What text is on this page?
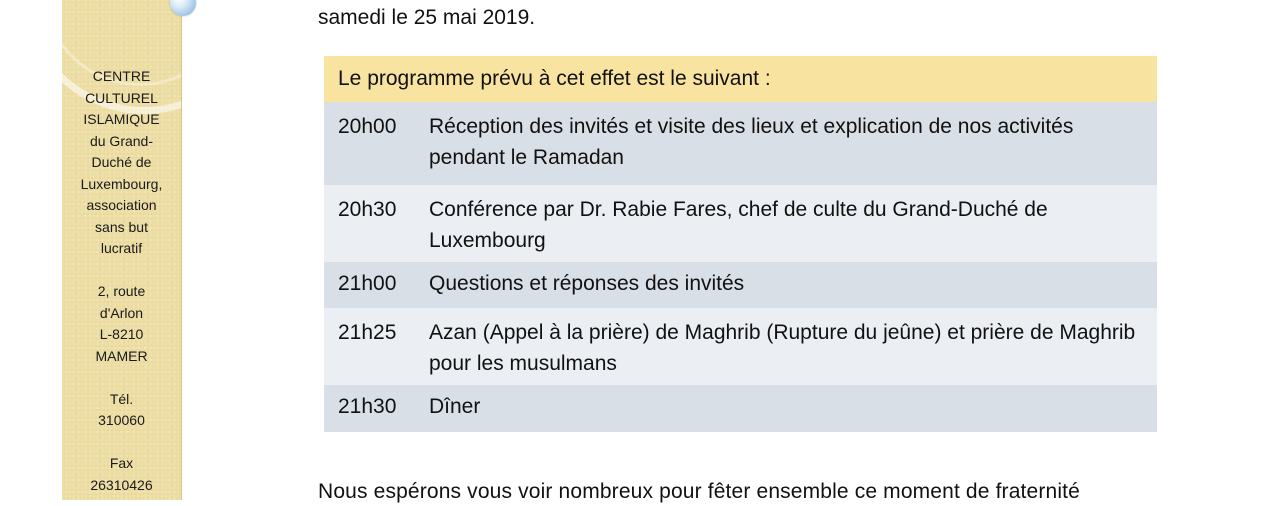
CENTRE
CULTUREL
ISLAMIQUE
du Grand-
Duché de
Luxembourg,
association
sans but
lucratif
2, route
d'Arlon
L-8210
MAMER
Tél.
310060
Fax
26310426

samedi le 25 mai 2019.

Le programme prévu à cet effet est le suivant :
20h00	Réception des invités et visite des lieux et explication de nos activités pendant le Ramadan
20h30	Conférence par Dr. Rabie Fares, chef de culte du Grand-Duché de Luxembourg
21h00	Questions et réponses des invités
21h25	Azan (Appel à la prière) de Maghrib (Rupture du jeûne) et prière de Maghrib pour les musulmans
21h30	Dîner

Nous espérons vous voir nombreux pour fêter ensemble ce moment de fraternité
